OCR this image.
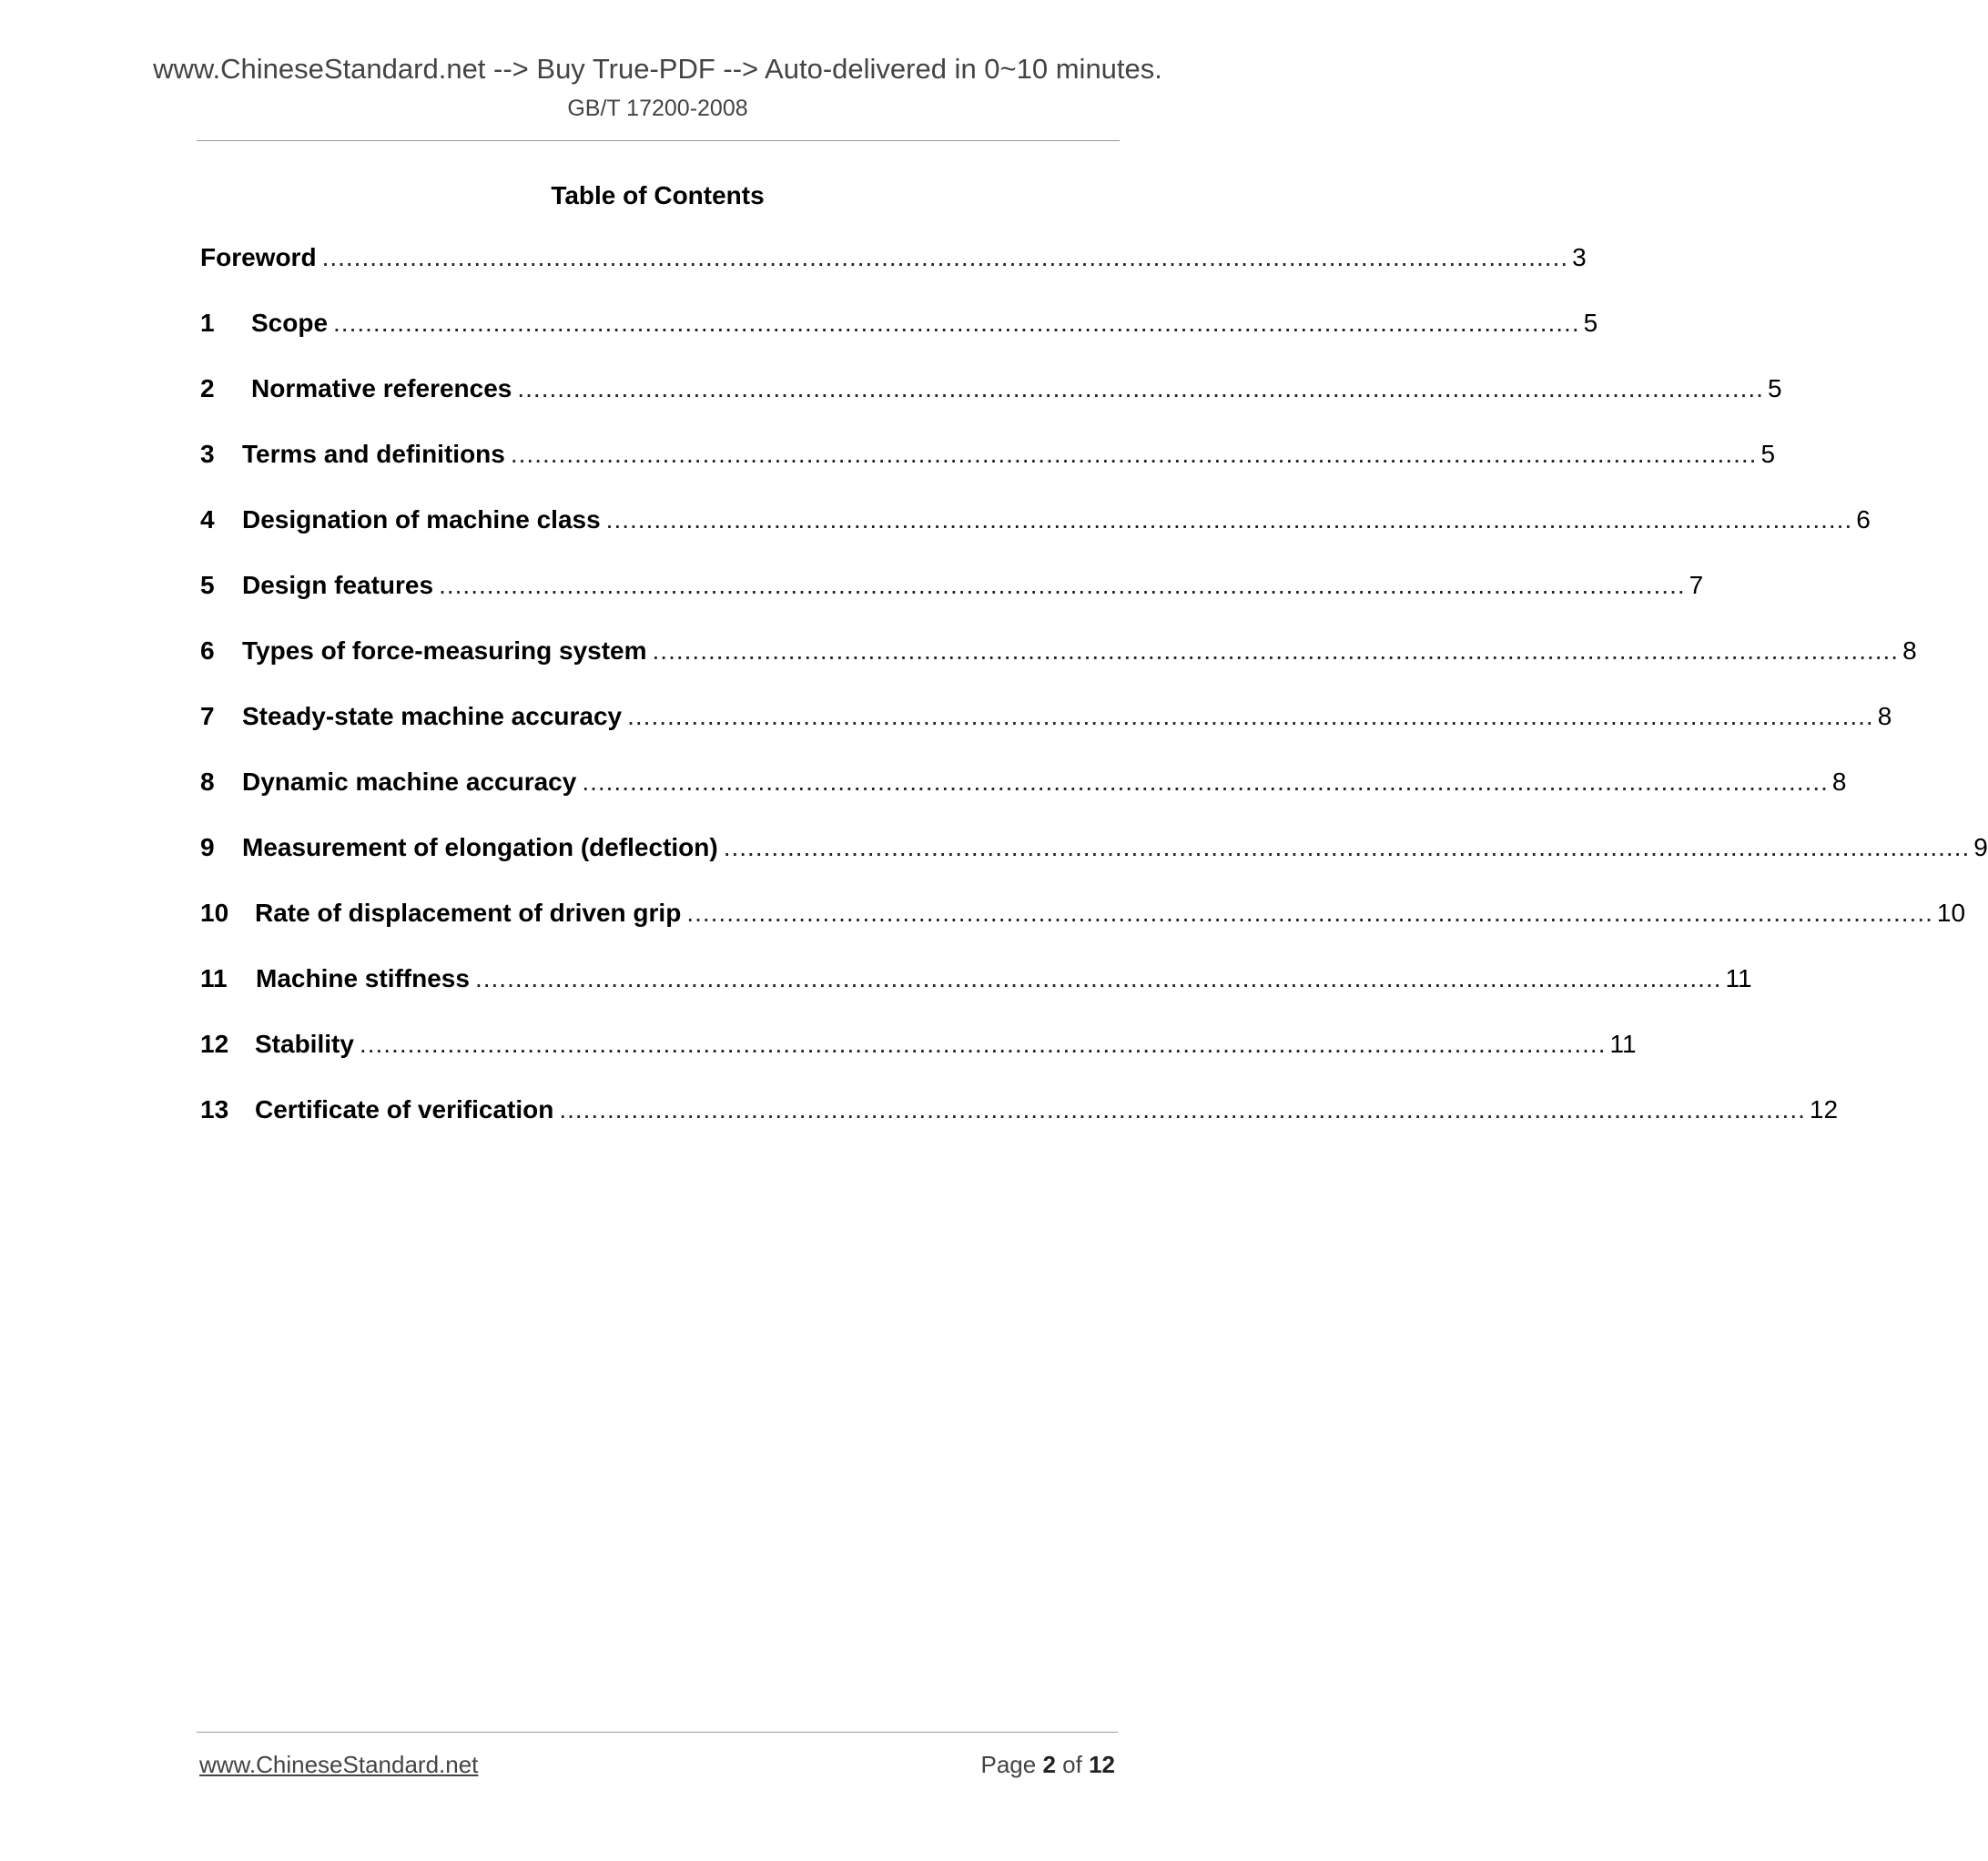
www.ChineseStandard.net --> Buy True-PDF --> Auto-delivered in 0~10 minutes.
GB/T 17200-2008
Table of Contents
Foreword ............................................................................................................................................................ 3
1	Scope ............................................................................................................................................................ 5
2	Normative references ............................................................................................................................................................ 5
3	Terms and definitions ............................................................................................................................................................ 5
4	Designation of machine class ............................................................................................................................................................ 6
5	Design features ............................................................................................................................................................ 7
6	Types of force-measuring system ............................................................................................................................................................ 8
7	Steady-state machine accuracy ............................................................................................................................................................ 8
8	Dynamic machine accuracy ............................................................................................................................................................ 8
9	Measurement of elongation (deflection) ............................................................................................................................................................ 9
10	Rate of displacement of driven grip ............................................................................................................................................................ 10
11	Machine stiffness ............................................................................................................................................................ 11
12	Stability ............................................................................................................................................................ 11
13	Certificate of verification ............................................................................................................................................................ 12
www.ChineseStandard.net	Page 2 of 12
